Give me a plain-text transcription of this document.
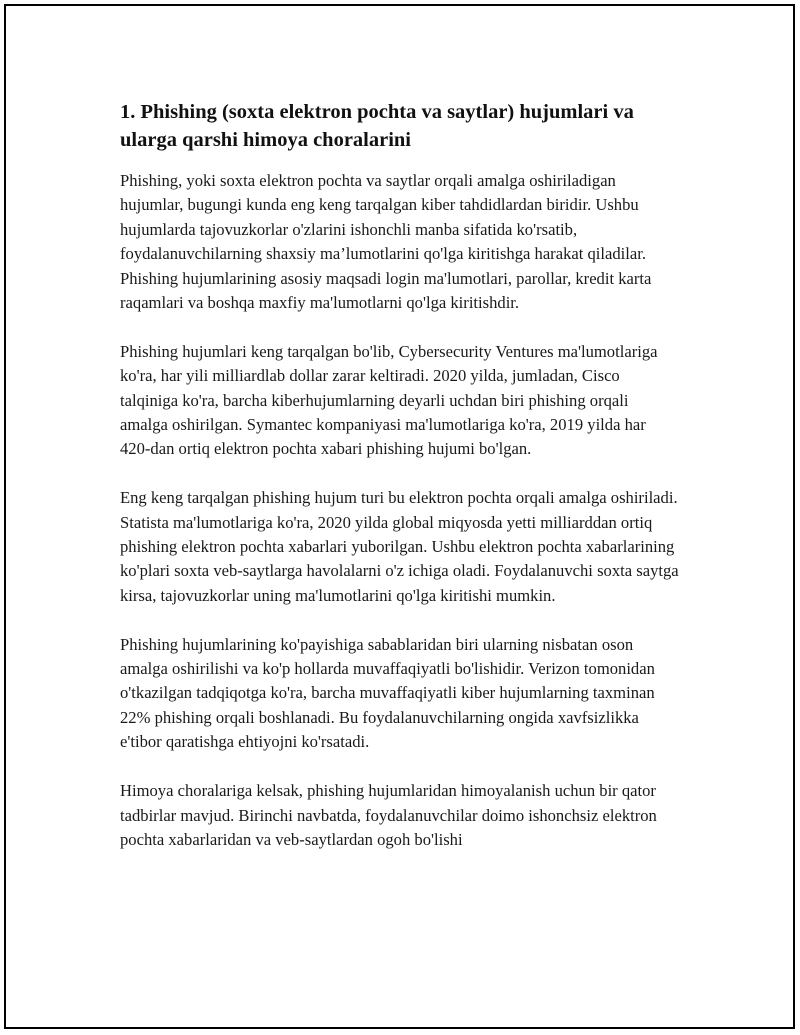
1. Phishing (soxta elektron pochta va saytlar) hujumlari va ularga qarshi himoya choralarini

Phishing, yoki soxta elektron pochta va saytlar orqali amalga oshiriladigan hujumlar, bugungi kunda eng keng tarqalgan kiber tahdidlardan biridir. Ushbu hujumlarda tajovuzkorlar o'zlarini ishonchli manba sifatida ko'rsatib, foydalanuvchilarning shaxsiy ma’lumotlarini qo'lga kiritishga harakat qiladilar. Phishing hujumlarining asosiy maqsadi login ma'lumotlari, parollar, kredit karta raqamlari va boshqa maxfiy ma'lumotlarni qo'lga kiritishdir.

Phishing hujumlari keng tarqalgan bo'lib, Cybersecurity Ventures ma'lumotlariga ko'ra, har yili milliardlab dollar zarar keltiradi. 2020 yilda, jumladan, Cisco talqiniga ko'ra, barcha kiberhujumlarning deyarli uchdan biri phishing orqali amalga oshirilgan. Symantec kompaniyasi ma'lumotlariga ko'ra, 2019 yilda har 420-dan ortiq elektron pochta xabari phishing hujumi bo'lgan.

Eng keng tarqalgan phishing hujum turi bu elektron pochta orqali amalga oshiriladi. Statista ma'lumotlariga ko'ra, 2020 yilda global miqyosda yetti milliarddan ortiq phishing elektron pochta xabarlari yuborilgan. Ushbu elektron pochta xabarlarining ko'plari soxta veb-saytlarga havolalarni o'z ichiga oladi. Foydalanuvchi soxta saytga kirsa, tajovuzkorlar uning ma'lumotlarini qo'lga kiritishi mumkin.

Phishing hujumlarining ko'payishiga sabablaridan biri ularning nisbatan oson amalga oshirilishi va ko'p hollarda muvaffaqiyatli bo'lishidir. Verizon tomonidan o'tkazilgan tadqiqotga ko'ra, barcha muvaffaqiyatli kiber hujumlarning taxminan 22% phishing orqali boshlanadi. Bu foydalanuvchilarning ongida xavfsizlikka e'tibor qaratishga ehtiyojni ko'rsatadi.

Himoya choralariga kelsak, phishing hujumlaridan himoyalanish uchun bir qator tadbirlar mavjud. Birinchi navbatda, foydalanuvchilar doimo ishonchsiz elektron pochta xabarlaridan va veb-saytlardan ogoh bo'lishi
